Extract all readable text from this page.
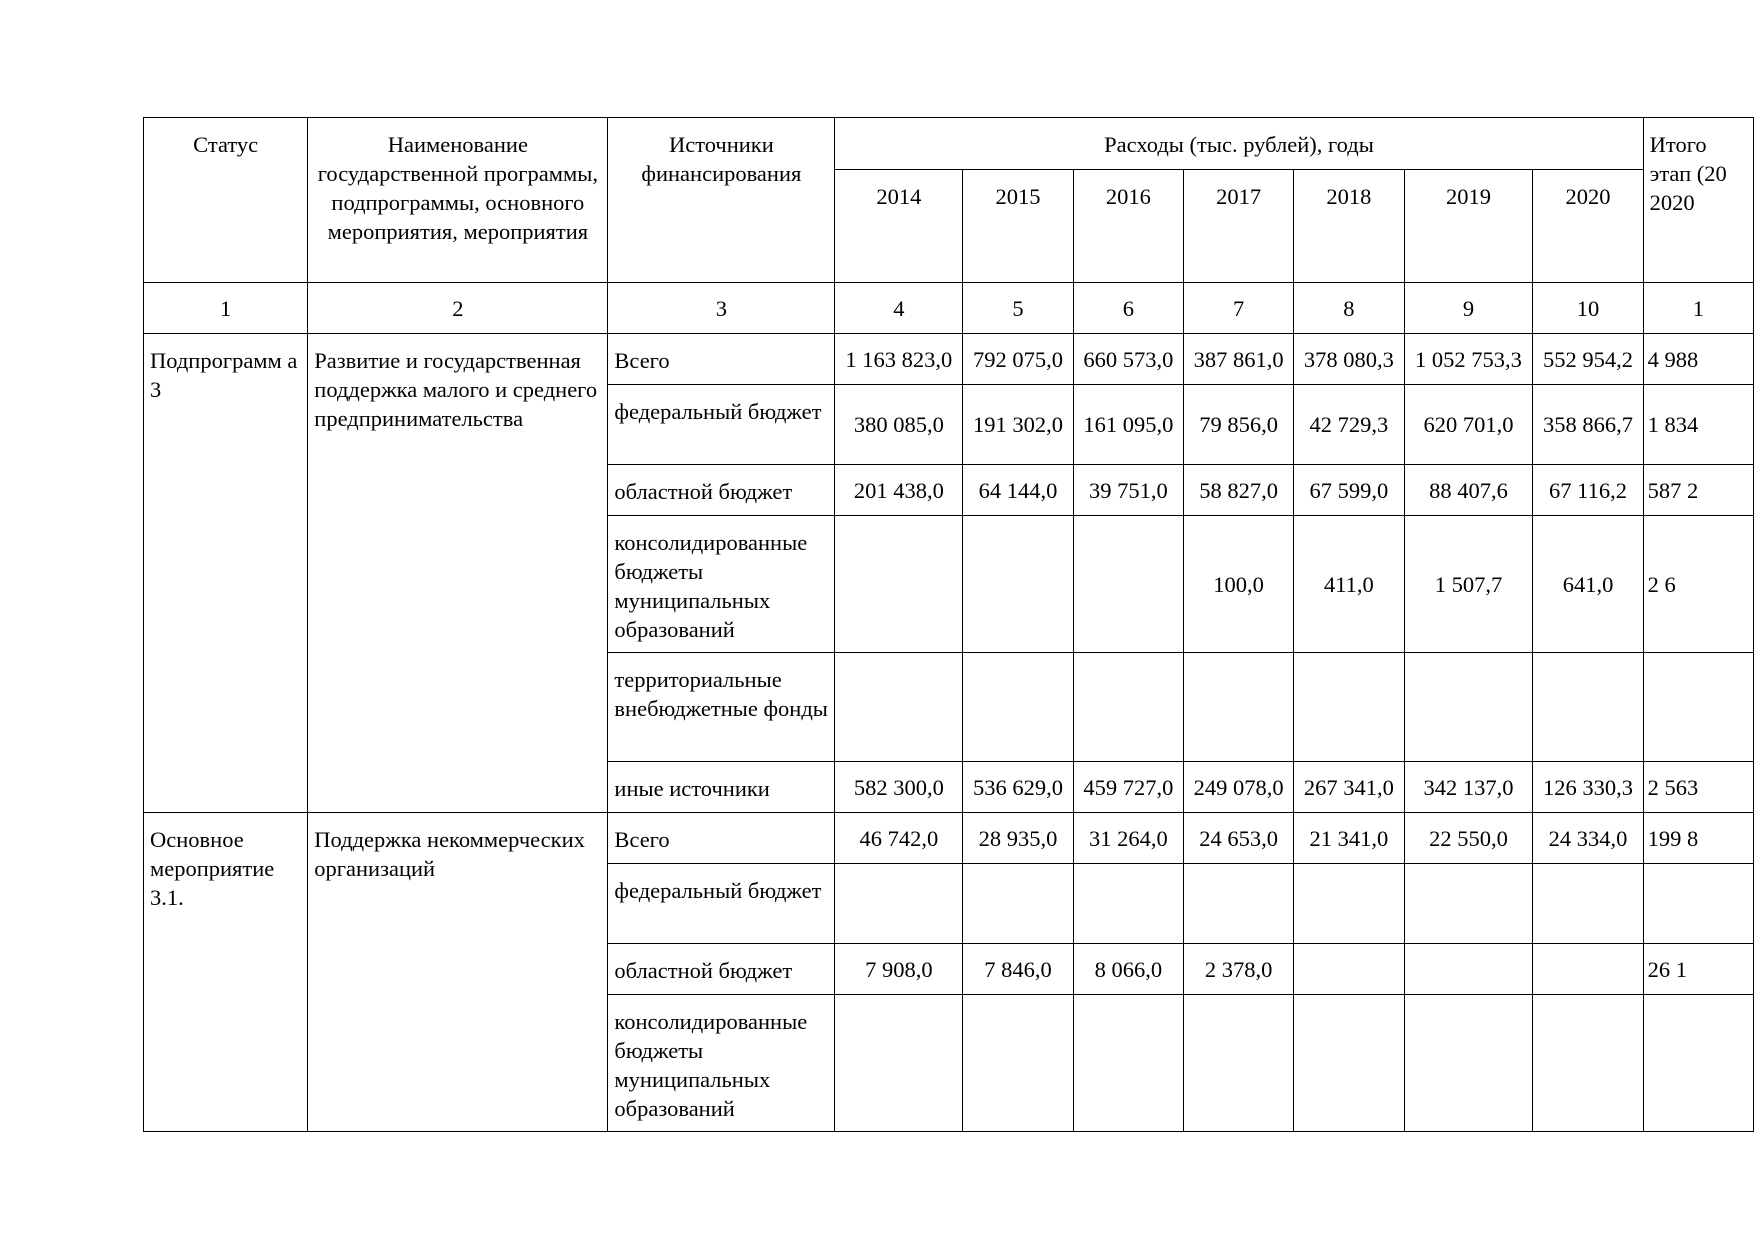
Статус	Наименование государственной программы, подпрограммы, основного мероприятия, мероприятия	Источники финансирования	Расходы (тыс. рублей), годы							Итого этап (20 2020
			2014	2015	2016	2017	2018	2019	2020	
1	2	3	4	5	6	7	8	9	10	1
Подпрограмм а 3	Развитие и государственная поддержка малого и среднего предпринимательства	Всего	1 163 823,0	792 075,0	660 573,0	387 861,0	378 080,3	1 052 753,3	552 954,2	4 988
		федеральный бюджет	380 085,0	191 302,0	161 095,0	79 856,0	42 729,3	620 701,0	358 866,7	1 834
		областной бюджет	201 438,0	64 144,0	39 751,0	58 827,0	67 599,0	88 407,6	67 116,2	587 2
		консолидированные бюджеты муниципальных образований				100,0	411,0	1 507,7	641,0	2 6
		территориальные внебюджетные фонды								
		иные источники	582 300,0	536 629,0	459 727,0	249 078,0	267 341,0	342 137,0	126 330,3	2 563
Основное мероприятие 3.1.	Поддержка некоммерческих организаций	Всего	46 742,0	28 935,0	31 264,0	24 653,0	21 341,0	22 550,0	24 334,0	199 8
		федеральный бюджет								
		областной бюджет	7 908,0	7 846,0	8 066,0	2 378,0				26 1
		консолидированные бюджеты муниципальных образований								
